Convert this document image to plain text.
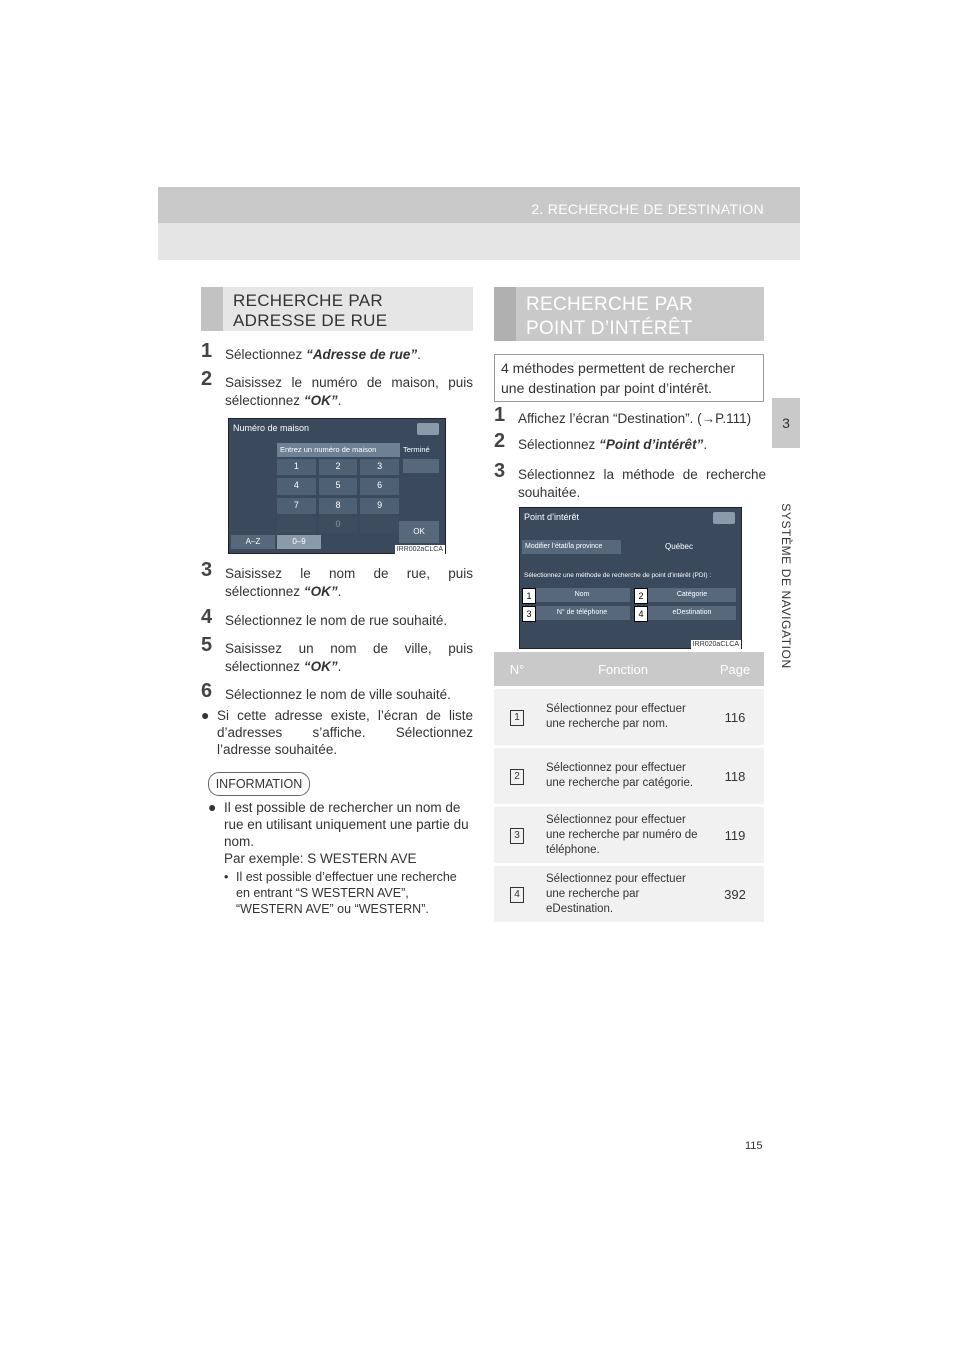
2. RECHERCHE DE DESTINATION
3
SYSTÈME DE NAVIGATION
RECHERCHE PAR ADRESSE DE RUE
1 Sélectionnez “Adresse de rue”.
2 Saisissez le numéro de maison, puis sélectionnez “OK”.
Numéro de maison
Entrez un numéro de maison	Terminé
1	2	3
4	5	6
7	8	9
0
A–Z	0–9
OK
IRR002aCLCA
3 Saisissez le nom de rue, puis sélectionnez “OK”.
4 Sélectionnez le nom de rue souhaité.
5 Saisissez un nom de ville, puis sélectionnez “OK”.
6 Sélectionnez le nom de ville souhaité.
● Si cette adresse existe, l’écran de liste d’adresses s’affiche. Sélectionnez l’adresse souhaitée.
INFORMATION
● Il est possible de rechercher un nom de rue en utilisant uniquement une partie du nom.
Par exemple: S WESTERN AVE
• Il est possible d’effectuer une recherche en entrant “S WESTERN AVE”, “WESTERN AVE” ou “WESTERN”.
RECHERCHE PAR POINT D’INTÉRÊT
4 méthodes permettent de rechercher une destination par point d’intérêt.
1 Affichez l’écran “Destination”. (→P.111)
2 Sélectionnez “Point d’intérêt”.
3 Sélectionnez la méthode de recherche souhaitée.
Point d’intérêt
Modifier l’état/la province	Québec
Sélectionnez une méthode de recherche de point d’intérêt (PDI) :
Nom	Catégorie
N° de téléphone	eDestination
1	2
3	4
IRR020aCLCA
N°	Fonction	Page
1	Sélectionnez pour effectuer une recherche par nom.	116
2	Sélectionnez pour effectuer une recherche par catégorie.	118
3	Sélectionnez pour effectuer une recherche par numéro de téléphone.	119
4	Sélectionnez pour effectuer une recherche par eDestination.	392
115
